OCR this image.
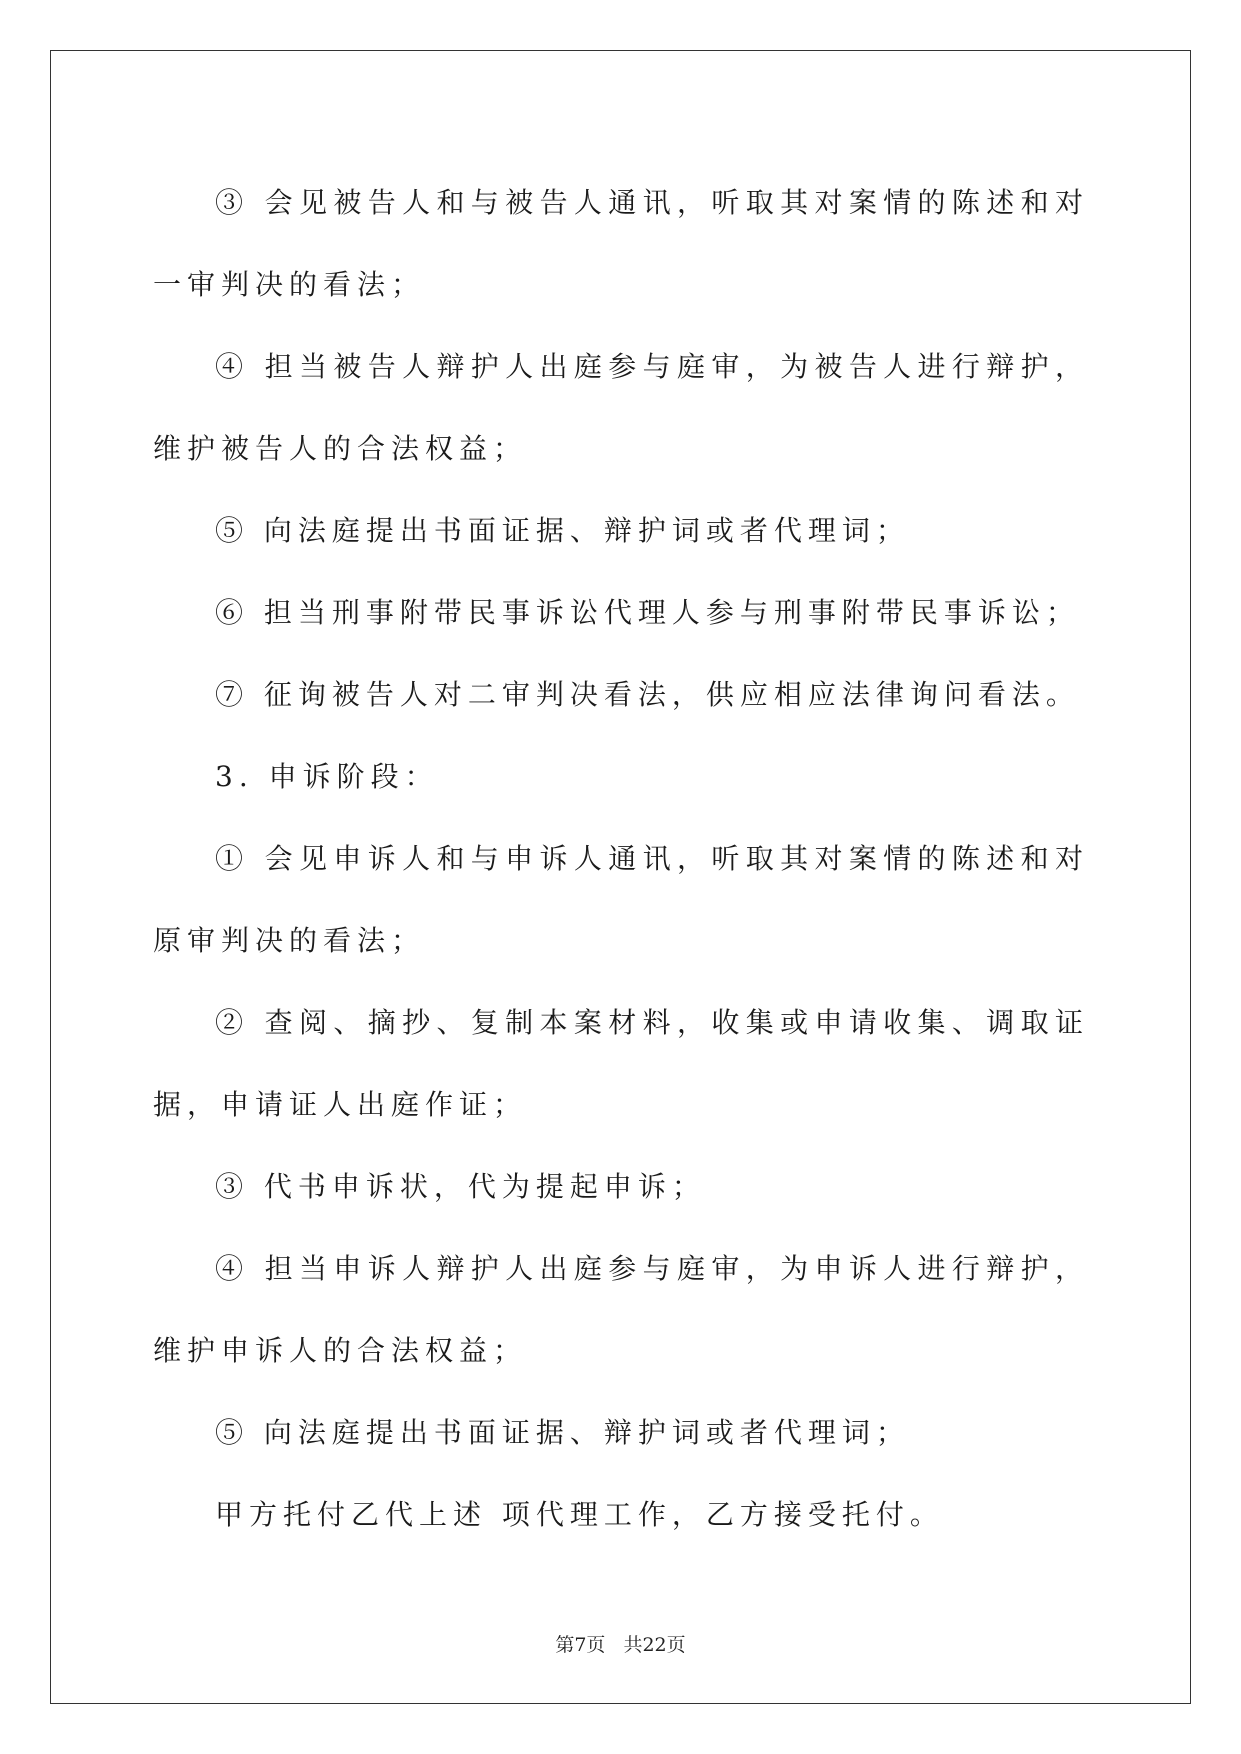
③ 会见被告人和与被告人通讯，听取其对案情的陈述和对一审判决的看法；

④ 担当被告人辩护人出庭参与庭审，为被告人进行辩护，维护被告人的合法权益；

⑤ 向法庭提出书面证据、辩护词或者代理词；

⑥ 担当刑事附带民事诉讼代理人参与刑事附带民事诉讼；

⑦ 征询被告人对二审判决看法，供应相应法律询问看法。

3. 申诉阶段：

① 会见申诉人和与申诉人通讯，听取其对案情的陈述和对原审判决的看法；

② 查阅、摘抄、复制本案材料，收集或申请收集、调取证据，申请证人出庭作证；

③ 代书申诉状，代为提起申诉；

④ 担当申诉人辩护人出庭参与庭审，为申诉人进行辩护，维护申诉人的合法权益；

⑤ 向法庭提出书面证据、辩护词或者代理词；

甲方托付乙代上述 项代理工作，乙方接受托付。

第7页 共22页
